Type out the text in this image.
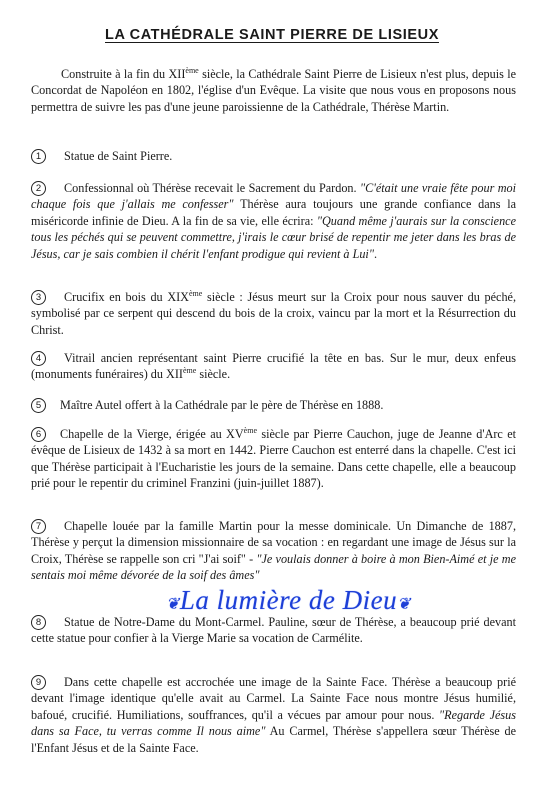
LA CATHÉDRALE SAINT PIERRE DE LISIEUX

Construite à la fin du XIIème siècle, la Cathédrale Saint Pierre de Lisieux n'est plus, depuis le Concordat de Napoléon en 1802, l'église d'un Evêque. La visite que nous vous en proposons nous permettra de suivre les pas d'une jeune paroissienne de la Cathédrale, Thérèse Martin.

1 Statue de Saint Pierre.

2 Confessionnal où Thérèse recevait le Sacrement du Pardon. "C'était une vraie fête pour moi chaque fois que j'allais me confesser" Thérèse aura toujours une grande confiance dans la miséricorde infinie de Dieu. A la fin de sa vie, elle écrira: "Quand même j'aurais sur la conscience tous les péchés qui se peuvent commettre, j'irais le cœur brisé de repentir me jeter dans les bras de Jésus, car je sais combien il chérit l'enfant prodigue qui revient à Lui".

3 Crucifix en bois du XIXème siècle : Jésus meurt sur la Croix pour nous sauver du péché, symbolisé par ce serpent qui descend du bois de la croix, vaincu par la mort et la Résurrection du Christ.

4 Vitrail ancien représentant saint Pierre crucifié la tête en bas. Sur le mur, deux enfeus (monuments funéraires) du XIIème siècle.

5 Maître Autel offert à la Cathédrale par le père de Thérèse en 1888.

6 Chapelle de la Vierge, érigée au XVème siècle par Pierre Cauchon, juge de Jeanne d'Arc et évêque de Lisieux de 1432 à sa mort en 1442. Pierre Cauchon est enterré dans la chapelle. C'est ici que Thérèse participait à l'Eucharistie les jours de la semaine. Dans cette chapelle, elle a beaucoup prié pour le repentir du criminel Franzini (juin-juillet 1887).

7 Chapelle louée par la famille Martin pour la messe dominicale. Un Dimanche de 1887, Thérèse y perçut la dimension missionnaire de sa vocation : en regardant une image de Jésus sur la Croix, Thérèse se rappelle son cri "J'ai soif" - "Je voulais donner à boire à mon Bien-Aimé et je me sentais moi même dévorée de la soif des âmes"

❦La lumière de Dieu❦

8 Statue de Notre-Dame du Mont-Carmel. Pauline, sœur de Thérèse, a beaucoup prié devant cette statue pour confier à la Vierge Marie sa vocation de Carmélite.

9 Dans cette chapelle est accrochée une image de la Sainte Face. Thérèse a beaucoup prié devant l'image identique qu'elle avait au Carmel. La Sainte Face nous montre Jésus humilié, bafoué, crucifié. Humiliations, souffrances, qu'il a vécues par amour pour nous. "Regarde Jésus dans sa Face, tu verras comme Il nous aime" Au Carmel, Thérèse s'appellera sœur Thérèse de l'Enfant Jésus et de la Sainte Face.
